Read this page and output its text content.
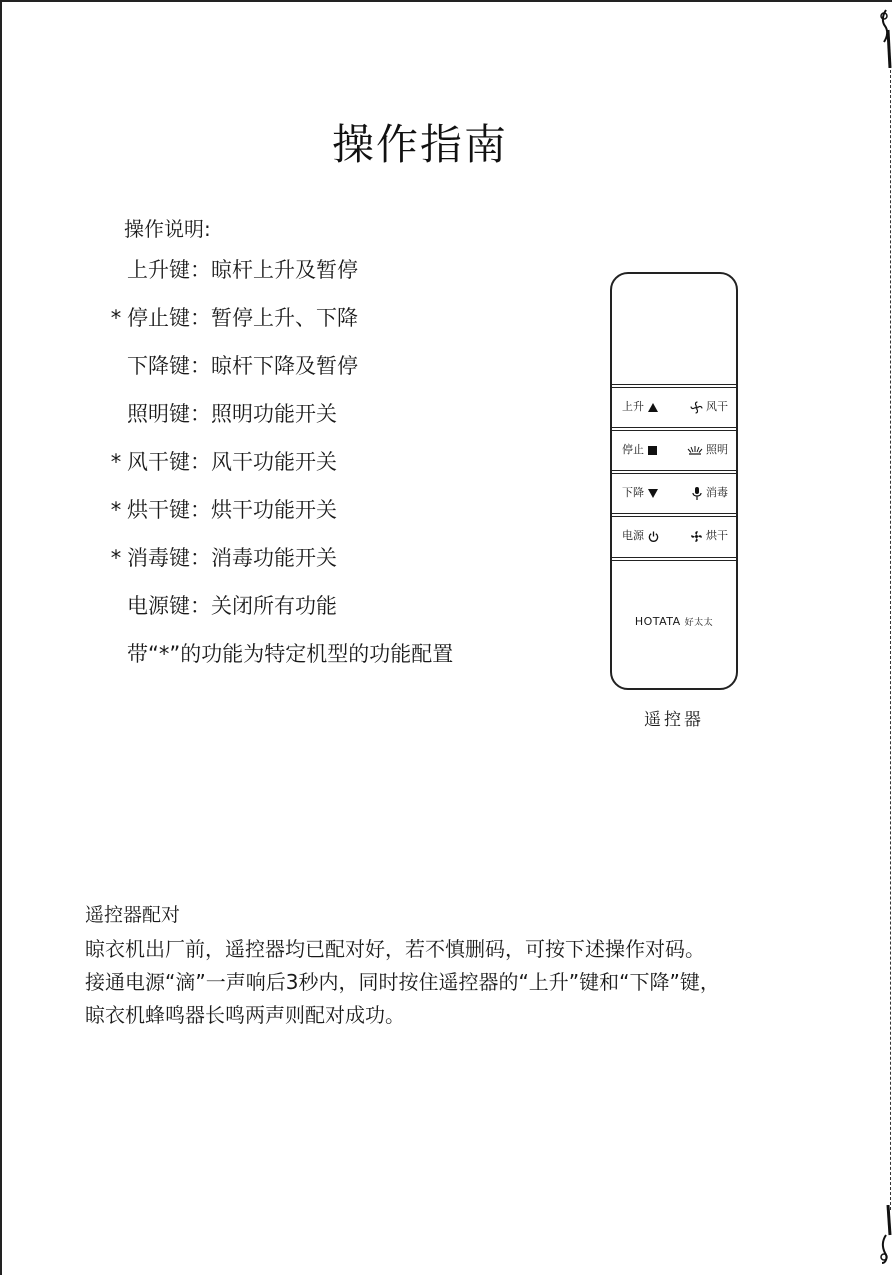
操作指南
操作说明:
上升键：晾杆上升及暂停
* 停止键：暂停上升、下降
下降键：晾杆下降及暂停
照明键：照明功能开关
* 风干键：风干功能开关
* 烘干键：烘干功能开关
* 消毒键：消毒功能开关
电源键：关闭所有功能
带“*”的功能为特定机型的功能配置
上升	风干
停止	照明
下降	消毒
电源	烘干
HOTATA 好太太
遥控器
遥控器配对
晾衣机出厂前，遥控器均已配对好，若不慎删码，可按下述操作对码。
接通电源“滴”一声响后3秒内，同时按住遥控器的“上升”键和“下降”键，
晾衣机蜂鸣器长鸣两声则配对成功。
